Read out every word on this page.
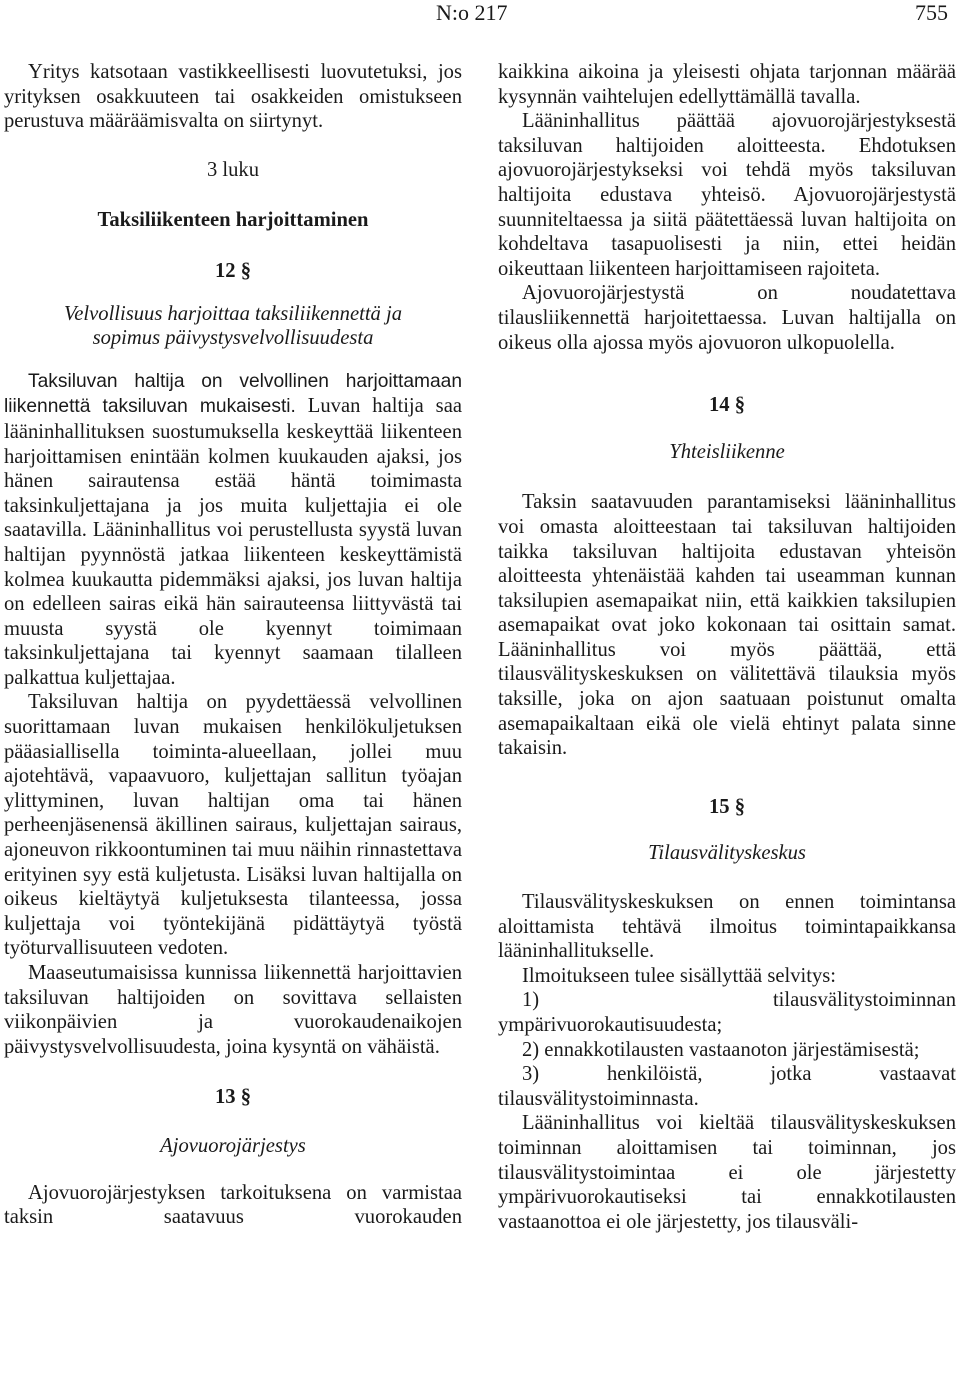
N:o 217	755

Yritys katsotaan vastikkeellisesti luovutetuksi, jos yrityksen osakkuuteen tai osakkeiden omistukseen perustuva määräämisvalta on siirtynyt.

3 luku
Taksiliikenteen harjoittaminen
12 §
Velvollisuus harjoittaa taksiliikennettä ja
sopimus päivystysvelvollisuudesta

Taksiluvan haltija on velvollinen harjoittamaan liikennettä taksiluvan mukaisesti. Luvan haltija saa lääninhallituksen suostumuksella keskeyttää liikenteen harjoittamisen enintään kolmen kuukauden ajaksi, jos hänen sairautensa estää häntä toimimasta taksinkuljettajana ja jos muita kuljettajia ei ole saatavilla. Lääninhallitus voi perustellusta syystä luvan haltijan pyynnöstä jatkaa liikenteen keskeyttämistä kolmea kuukautta pidemmäksi ajaksi, jos luvan haltija on edelleen sairas eikä hän sairauteensa liittyvästä tai muusta syystä ole kyennyt toimimaan taksinkuljettajana tai kyennyt saamaan tilalleen palkattua kuljettajaa.

Taksiluvan haltija on pyydettäessä velvollinen suorittamaan luvan mukaisen henkilökuljetuksen pääasiallisella toiminta-alueellaan, jollei muu ajotehtävä, vapaavuoro, kuljettajan sallitun työajan ylittyminen, luvan haltijan oma tai hänen perheenjäsenensä äkillinen sairaus, kuljettajan sairaus, ajoneuvon rikkoontuminen tai muu näihin rinnastettava erityinen syy estä kuljetusta. Lisäksi luvan haltijalla on oikeus kieltäytyä kuljetuksesta tilanteessa, jossa kuljettaja voi työntekijänä pidättäytyä työstä työturvallisuuteen vedoten.

Maaseutumaisissa kunnissa liikennettä harjoittavien taksiluvan haltijoiden on sovittava sellaisten viikonpäivien ja vuorokaudenaikojen päivystysvelvollisuudesta, joina kysyntä on vähäistä.

13 §
Ajovuorojärjestys

Ajovuorojärjestyksen tarkoituksena on varmistaa taksin saatavuus vuorokauden

kaikkina aikoina ja yleisesti ohjata tarjonnan määrää kysynnän vaihtelujen edellyttämällä tavalla.

Lääninhallitus päättää ajovuorojärjestyksestä taksiluvan haltijoiden aloitteesta. Ehdotuksen ajovuorojärjestykseksi voi tehdä myös taksiluvan haltijoita edustava yhteisö. Ajovuorojärjestystä suunniteltaessa ja siitä päätettäessä luvan haltijoita on kohdeltava tasapuolisesti ja niin, ettei heidän oikeuttaan liikenteen harjoittamiseen rajoiteta.

Ajovuorojärjestystä on noudatettava tilausliikennettä harjoitettaessa. Luvan haltijalla on oikeus olla ajossa myös ajovuoron ulkopuolella.

14 §
Yhteisliikenne

Taksin saatavuuden parantamiseksi lääninhallitus voi omasta aloitteestaan tai taksiluvan haltijoiden taikka taksiluvan haltijoita edustavan yhteisön aloitteesta yhtenäistää kahden tai useamman kunnan taksilupien asemapaikat niin, että kaikkien taksilupien asemapaikat ovat joko kokonaan tai osittain samat. Lääninhallitus voi myös päättää, että tilausvälityskeskuksen on välitettävä tilauksia myös taksille, joka on ajon saatuaan poistunut omalta asemapaikaltaan eikä ole vielä ehtinyt palata sinne takaisin.

15 §
Tilausvälityskeskus

Tilausvälityskeskuksen on ennen toimintansa aloittamista tehtävä ilmoitus toimintapaikkansa lääninhallitukselle.

Ilmoitukseen tulee sisällyttää selvitys:

1) tilausvälitystoiminnan ympärivuorokautisuudesta;

2) ennakkotilausten vastaanoton järjestämisestä;

3) henkilöistä, jotka vastaavat tilausvälitystoiminnasta.

Lääninhallitus voi kieltää tilausvälityskeskuksen toiminnan aloittamisen tai toiminnan, jos tilausvälitystoimintaa ei ole järjestetty ympärivuorokautiseksi tai ennakkotilausten vastaanottoa ei ole järjestetty, jos tilausväli-
